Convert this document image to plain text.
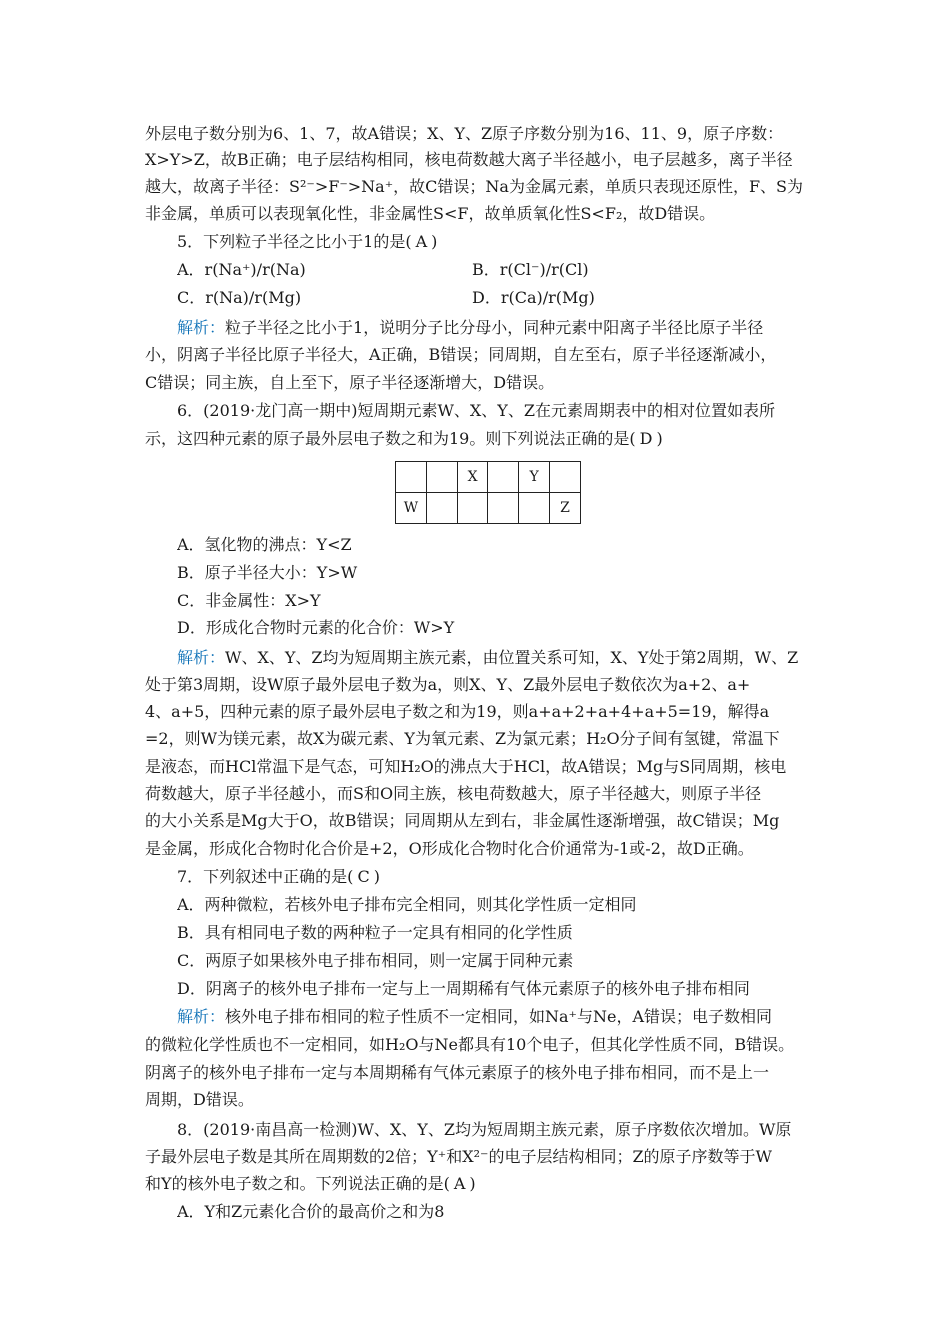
外层电子数分别为6、1、7，故A错误；X、Y、Z原子序数分别为16、11、9，原子序数：
X>Y>Z，故B正确；电子层结构相同，核电荷数越大离子半径越小，电子层越多，离子半径
越大，故离子半径：S²⁻>F⁻>Na⁺，故C错误；Na为金属元素，单质只表现还原性，F、S为
非金属，单质可以表现氧化性，非金属性S<F，故单质氧化性S<F₂，故D错误。
5．下列粒子半径之比小于1的是( A )
A．r(Na⁺)/r(Na)	B．r(Cl⁻)/r(Cl)
C．r(Na)/r(Mg)	D．r(Ca)/r(Mg)
解析：粒子半径之比小于1，说明分子比分母小，同种元素中阳离子半径比原子半径
小，阴离子半径比原子半径大，A正确，B错误；同周期，自左至右，原子半径逐渐减小，
C错误；同主族，自上至下，原子半径逐渐增大，D错误。
6．(2019·龙门高一期中)短周期元素W、X、Y、Z在元素周期表中的相对位置如表所
示，这四种元素的原子最外层电子数之和为19。则下列说法正确的是( D )
		X		Y	
W					Z
A．氢化物的沸点：Y<Z
B．原子半径大小：Y>W
C．非金属性：X>Y
D．形成化合物时元素的化合价：W>Y
解析：W、X、Y、Z均为短周期主族元素，由位置关系可知，X、Y处于第2周期，W、Z
处于第3周期，设W原子最外层电子数为a，则X、Y、Z最外层电子数依次为a+2、a+
4、a+5，四种元素的原子最外层电子数之和为19，则a+a+2+a+4+a+5=19，解得a
=2，则W为镁元素，故X为碳元素、Y为氧元素、Z为氯元素；H₂O分子间有氢键，常温下
是液态，而HCl常温下是气态，可知H₂O的沸点大于HCl，故A错误；Mg与S同周期，核电
荷数越大，原子半径越小，而S和O同主族，核电荷数越大，原子半径越大，则原子半径
的大小关系是Mg大于O，故B错误；同周期从左到右，非金属性逐渐增强，故C错误；Mg
是金属，形成化合物时化合价是+2，O形成化合物时化合价通常为-1或-2，故D正确。
7．下列叙述中正确的是( C )
A．两种微粒，若核外电子排布完全相同，则其化学性质一定相同
B．具有相同电子数的两种粒子一定具有相同的化学性质
C．两原子如果核外电子排布相同，则一定属于同种元素
D．阴离子的核外电子排布一定与上一周期稀有气体元素原子的核外电子排布相同
解析：核外电子排布相同的粒子性质不一定相同，如Na⁺与Ne，A错误；电子数相同
的微粒化学性质也不一定相同，如H₂O与Ne都具有10个电子，但其化学性质不同，B错误。
阴离子的核外电子排布一定与本周期稀有气体元素原子的核外电子排布相同，而不是上一
周期，D错误。
8．(2019·南昌高一检测)W、X、Y、Z均为短周期主族元素，原子序数依次增加。W原
子最外层电子数是其所在周期数的2倍；Y⁺和X²⁻的电子层结构相同；Z的原子序数等于W
和Y的核外电子数之和。下列说法正确的是( A )
A．Y和Z元素化合价的最高价之和为8
